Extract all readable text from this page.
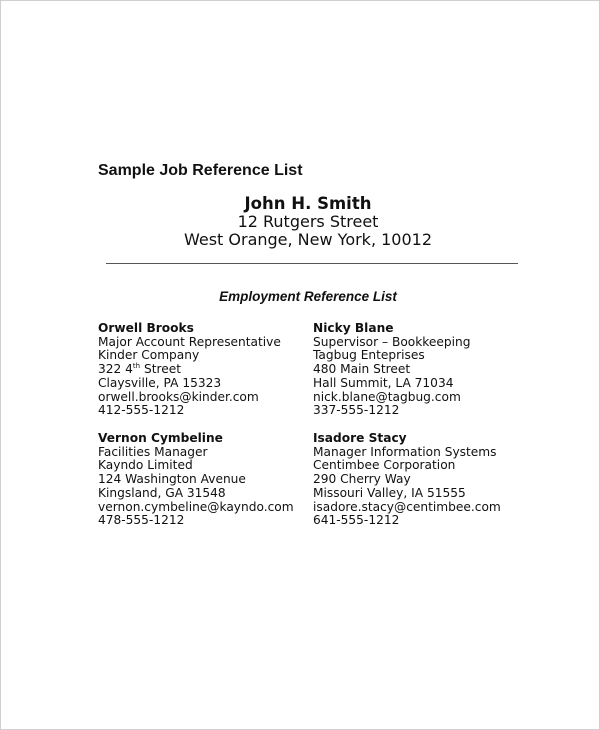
Sample Job Reference List
John H. Smith
12 Rutgers Street
West Orange, New York, 10012
Employment Reference List
Orwell Brooks
Major Account Representative
Kinder Company
322 4th Street
Claysville, PA 15323
orwell.brooks@kinder.com
412-555-1212
Nicky Blane
Supervisor – Bookkeeping
Tagbug Enteprises
480 Main Street
Hall Summit, LA 71034
nick.blane@tagbug.com
337-555-1212
Vernon Cymbeline
Facilities Manager
Kayndo Limited
124 Washington Avenue
Kingsland, GA 31548
vernon.cymbeline@kayndo.com
478-555-1212
Isadore Stacy
Manager Information Systems
Centimbee Corporation
290 Cherry Way
Missouri Valley, IA 51555
isadore.stacy@centimbee.com
641-555-1212
